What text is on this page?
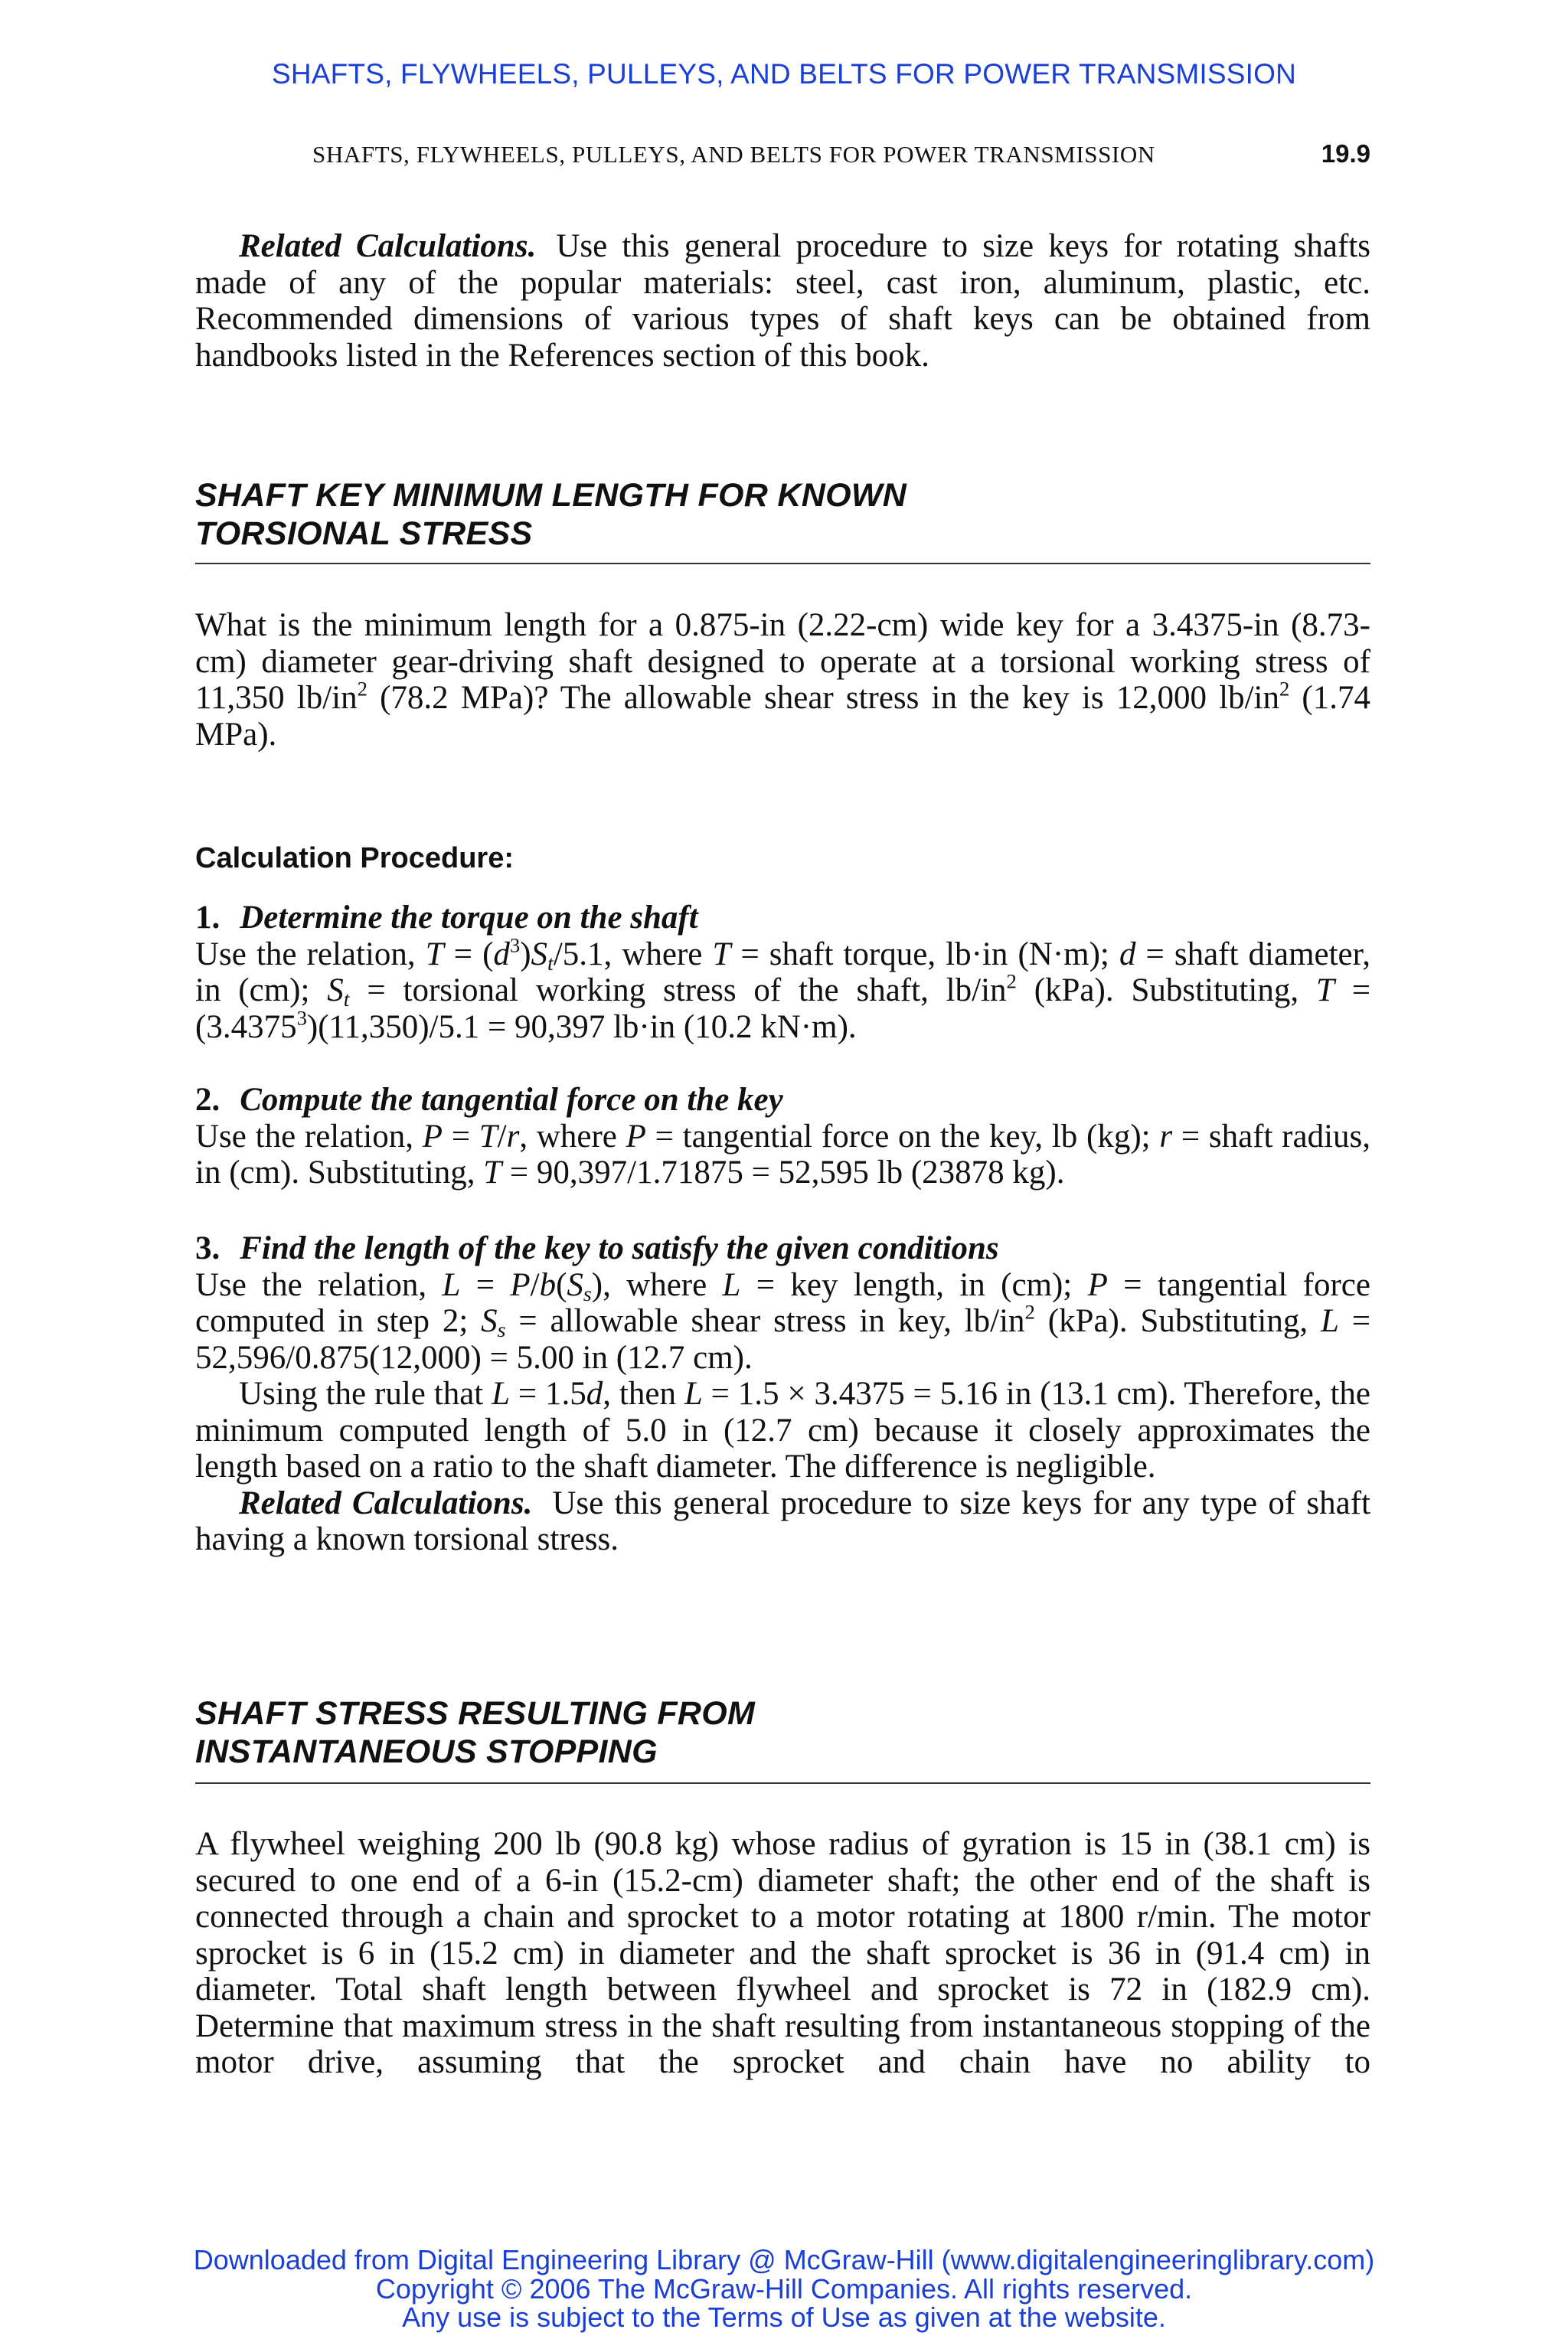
SHAFTS, FLYWHEELS, PULLEYS, AND BELTS FOR POWER TRANSMISSION
SHAFTS, FLYWHEELS, PULLEYS, AND BELTS FOR POWER TRANSMISSION	19.9

Related Calculations. Use this general procedure to size keys for rotating shafts made of any of the popular materials: steel, cast iron, aluminum, plastic, etc. Recommended dimensions of various types of shaft keys can be obtained from handbooks listed in the References section of this book.

SHAFT KEY MINIMUM LENGTH FOR KNOWN
TORSIONAL STRESS

What is the minimum length for a 0.875-in (2.22-cm) wide key for a 3.4375-in (8.73-cm) diameter gear-driving shaft designed to operate at a torsional working stress of 11,350 $lb/in^2$ (78.2 MPa)? The allowable shear stress in the key is 12,000 $lb/in^2$ (1.74 MPa).

Calculation Procedure:
1. Determine the torque on the shaft

Use the relation, $T = (d^3)S_t/5.1$, where T = shaft torque, lb·in (N·m); d = shaft diameter, in (cm); $S_t$ = torsional working stress of the shaft, $lb/in^2$ (kPa). Substituting, $T = (3.4375^3)(11,350)/5.1 = 90,397$ lb·in (10.2 kN·m).

2. Compute the tangential force on the key

Use the relation, P = T/r, where P = tangential force on the key, lb (kg); r = shaft radius, in (cm). Substituting, T = 90,397/1.71875 = 52,595 lb (23878 kg).

3. Find the length of the key to satisfy the given conditions

Use the relation, $L = P/b(S_s)$, where L = key length, in (cm); P = tangential force computed in step 2; $S_s$ = allowable shear stress in key, $lb/in^2$ (kPa). Substituting, L = 52,596/0.875(12,000) = 5.00 in (12.7 cm).

Using the rule that L = 1.5d, then L = 1.5 × 3.4375 = 5.16 in (13.1 cm). Therefore, the minimum computed length of 5.0 in (12.7 cm) because it closely approximates the length based on a ratio to the shaft diameter. The difference is negligible.

Related Calculations. Use this general procedure to size keys for any type of shaft having a known torsional stress.

SHAFT STRESS RESULTING FROM
INSTANTANEOUS STOPPING

A flywheel weighing 200 lb (90.8 kg) whose radius of gyration is 15 in (38.1 cm) is secured to one end of a 6-in (15.2-cm) diameter shaft; the other end of the shaft is connected through a chain and sprocket to a motor rotating at 1800 r/min. The motor sprocket is 6 in (15.2 cm) in diameter and the shaft sprocket is 36 in (91.4 cm) in diameter. Total shaft length between flywheel and sprocket is 72 in (182.9 cm). Determine that maximum stress in the shaft resulting from instantaneous stopping of the motor drive, assuming that the sprocket and chain have no ability to

Downloaded from Digital Engineering Library @ McGraw-Hill (www.digitalengineeringlibrary.com)
Copyright © 2006 The McGraw-Hill Companies. All rights reserved.
Any use is subject to the Terms of Use as given at the website.
